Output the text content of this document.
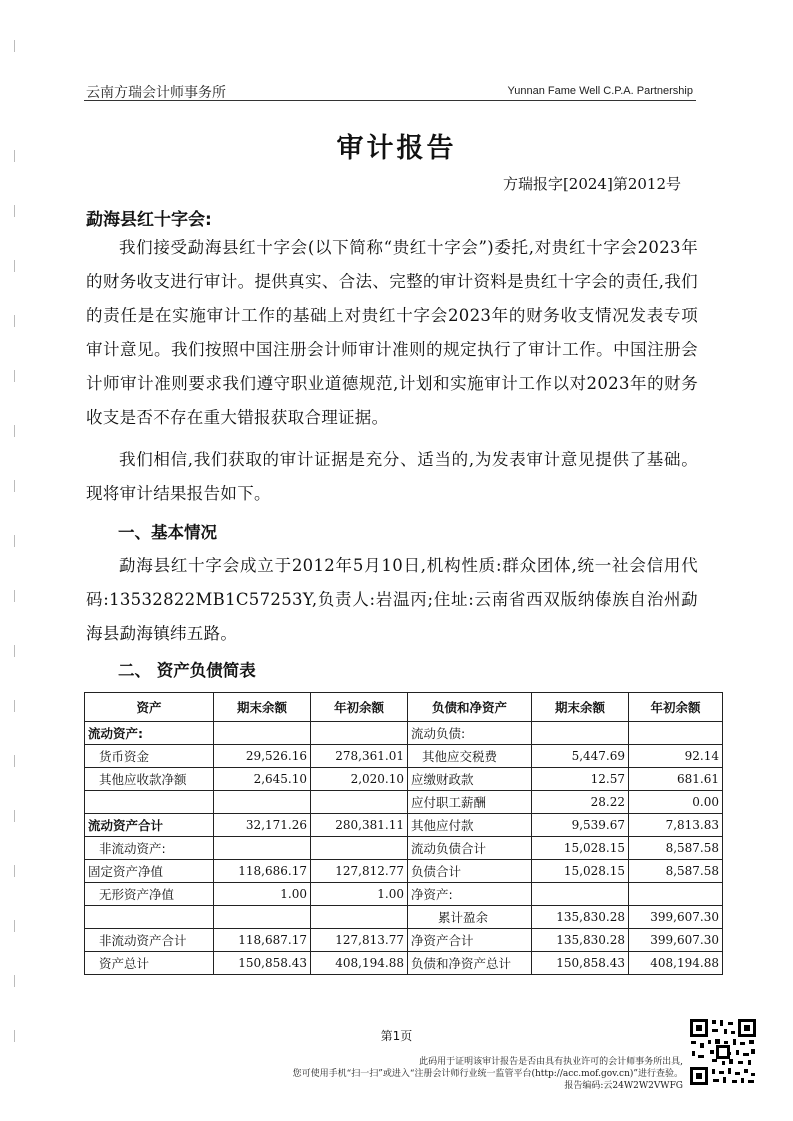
云南方瑞会计师事务所	Yunnan Fame Well C.P.A. Partnership
审计报告
方瑞报字[2024]第2012号
勐海县红十字会:

我们接受勐海县红十字会(以下简称“贵红十字会”)委托,对贵红十字会2023年的财务收支进行审计。提供真实、合法、完整的审计资料是贵红十字会的责任,我们的责任是在实施审计工作的基础上对贵红十字会2023年的财务收支情况发表专项审计意见。我们按照中国注册会计师审计准则的规定执行了审计工作。中国注册会计师审计准则要求我们遵守职业道德规范,计划和实施审计工作以对2023年的财务收支是否不存在重大错报获取合理证据。

我们相信,我们获取的审计证据是充分、适当的,为发表审计意见提供了基础。现将审计结果报告如下。

一、基本情况

勐海县红十字会成立于2012年5月10日,机构性质:群众团体,统一社会信用代码:13532822MB1C57253Y,负责人:岩温丙;住址:云南省西双版纳傣族自治州勐海县勐海镇纬五路。

二、 资产负债简表
资产	期末余额	年初余额	负债和净资产	期末余额	年初余额
流动资产:			流动负债:		
货币资金	29,526.16	278,361.01	其他应交税费	5,447.69	92.14
其他应收款净额	2,645.10	2,020.10	应缴财政款	12.57	681.61
			应付职工薪酬	28.22	0.00
流动资产合计	32,171.26	280,381.11	其他应付款	9,539.67	7,813.83
非流动资产:			流动负债合计	15,028.15	8,587.58
固定资产净值	118,686.17	127,812.77	负债合计	15,028.15	8,587.58
无形资产净值	1.00	1.00	净资产:		
			累计盈余	135,830.28	399,607.30
非流动资产合计	118,687.17	127,813.77	净资产合计	135,830.28	399,607.30
资产总计	150,858.43	408,194.88	负债和净资产总计	150,858.43	408,194.88
第1页
此码用于证明该审计报告是否由具有执业许可的会计师事务所出具,
您可使用手机“扫一扫”或进入“注册会计师行业统一监管平台(http://acc.mof.gov.cn)”进行查验。
报告编码:云24W2W2VWFG
